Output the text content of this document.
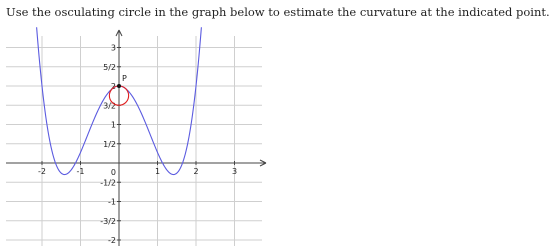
Use the osculating circle in the graph below to estimate the curvature at the indicated point.
-2	-1	1	2	3
3
5/2
2
3/2
1
1/2
0
-1/2
-1
-3/2
-2
P
